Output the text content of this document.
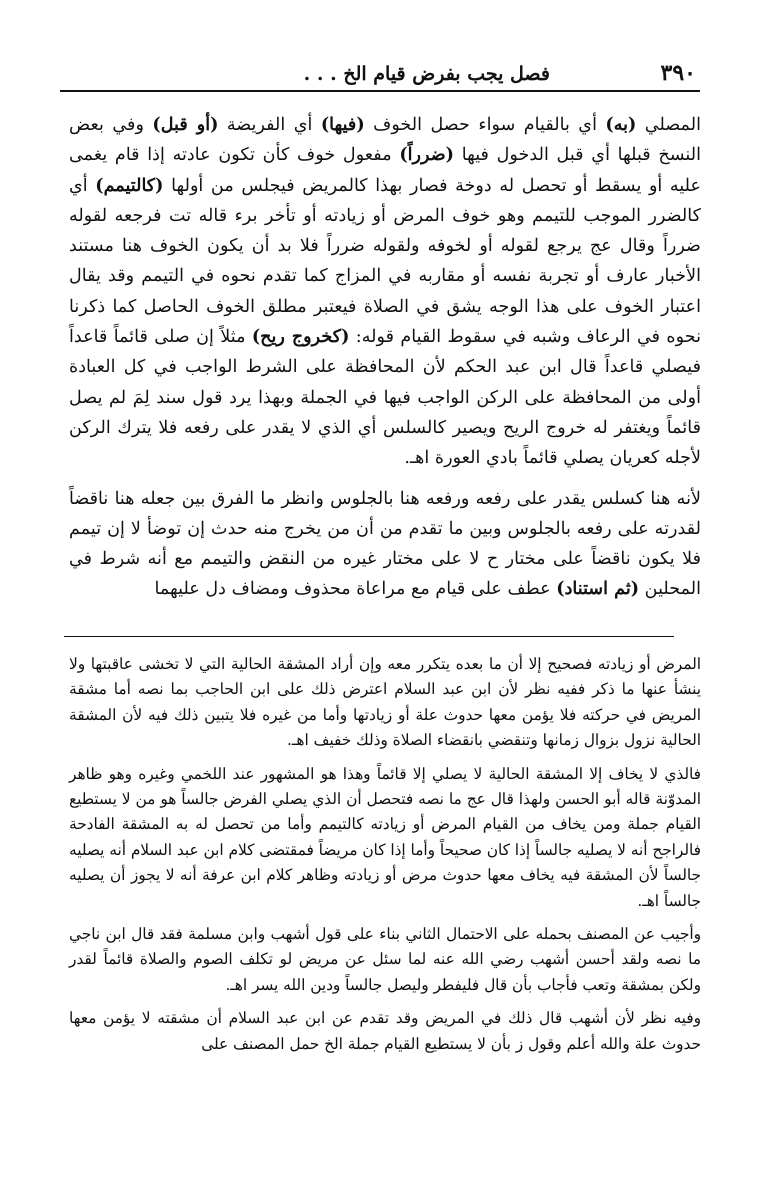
٣٩٠
فصل يجب بفرض قيام الخ . . .

المصلي (به) أي بالقيام سواء حصل الخوف (فيها) أي الفريضة (أو قبل) وفي بعض النسخ قبلها أي قبل الدخول فيها (ضرراً) مفعول خوف كأن تكون عادته إذا قام يغمى عليه أو يسقط أو تحصل له دوخة فصار بهذا كالمريض فيجلس من أولها (كالتيمم) أي كالضرر الموجب للتيمم وهو خوف المرض أو زيادته أو تأخر برء قاله تت فرجعه لقوله ضرراً وقال عج يرجع لقوله أو لخوفه ولقوله ضرراً فلا بد أن يكون الخوف هنا مستند الأخبار عارف أو تجربة نفسه أو مقاربه في المزاج كما تقدم نحوه في التيمم وقد يقال اعتبار الخوف على هذا الوجه يشق في الصلاة فيعتبر مطلق الخوف الحاصل كما ذكرنا نحوه في الرعاف وشبه في سقوط القيام قوله: (كخروج ريح) مثلاً إن صلى قائماً قاعداً فيصلي قاعداً قال ابن عبد الحكم لأن المحافظة على الشرط الواجب في كل العبادة أولى من المحافظة على الركن الواجب فيها في الجملة وبهذا يرد قول سند لِمَ لم يصل قائماً ويغتفر له خروج الريح ويصير كالسلس أي الذي لا يقدر على رفعه فلا يترك الركن لأجله كعريان يصلي قائماً بادي العورة اهـ.

لأنه هنا كسلس يقدر على رفعه ورفعه هنا بالجلوس وانظر ما الفرق بين جعله هنا ناقضاً لقدرته على رفعه بالجلوس وبين ما تقدم من أن من يخرج منه حدث إن توضأ لا إن تيمم فلا يكون ناقضاً على مختار ح لا على مختار غيره من النقض والتيمم مع أنه شرط في المحلين (ثم استناد) عطف على قيام مع مراعاة محذوف ومضاف دل عليهما

المرض أو زيادته فصحيح إلا أن ما بعده يتكرر معه وإن أراد المشقة الحالية التي لا تخشى عاقبتها ولا ينشأ عنها ما ذكر ففيه نظر لأن ابن عبد السلام اعترض ذلك على ابن الحاجب بما نصه أما مشقة المريض في حركته فلا يؤمن معها حدوث علة أو زيادتها وأما من غيره فلا يتبين ذلك فيه لأن المشقة الحالية نزول بزوال زمانها وتنقضي بانقضاء الصلاة وذلك خفيف اهـ.

فالذي لا يخاف إلا المشقة الحالية لا يصلي إلا قائماً وهذا هو المشهور عند اللخمي وغيره وهو ظاهر المدوّنة قاله أبو الحسن ولهذا قال عج ما نصه فتحصل أن الذي يصلي الفرض جالساً هو من لا يستطيع القيام جملة ومن يخاف من القيام المرض أو زيادته كالتيمم وأما من تحصل له به المشقة الفادحة فالراجح أنه لا يصليه جالساً إذا كان صحيحاً وأما إذا كان مريضاً فمقتضى كلام ابن عبد السلام أنه يصليه جالساً لأن المشقة فيه يخاف معها حدوث مرض أو زيادته وظاهر كلام ابن عرفة أنه لا يجوز أن يصليه جالساً اهـ.

وأجيب عن المصنف بحمله على الاحتمال الثاني بناء على قول أشهب وابن مسلمة فقد قال ابن ناجي ما نصه ولقد أحسن أشهب رضي الله عنه لما سئل عن مريض لو تكلف الصوم والصلاة قائماً لقدر ولكن بمشقة وتعب فأجاب بأن قال فليفطر وليصل جالساً ودين الله يسر اهـ.

وفيه نظر لأن أشهب قال ذلك في المريض وقد تقدم عن ابن عبد السلام أن مشقته لا يؤمن معها حدوث علة والله أعلم وقول ز بأن لا يستطيع القيام جملة الخ حمل المصنف على
